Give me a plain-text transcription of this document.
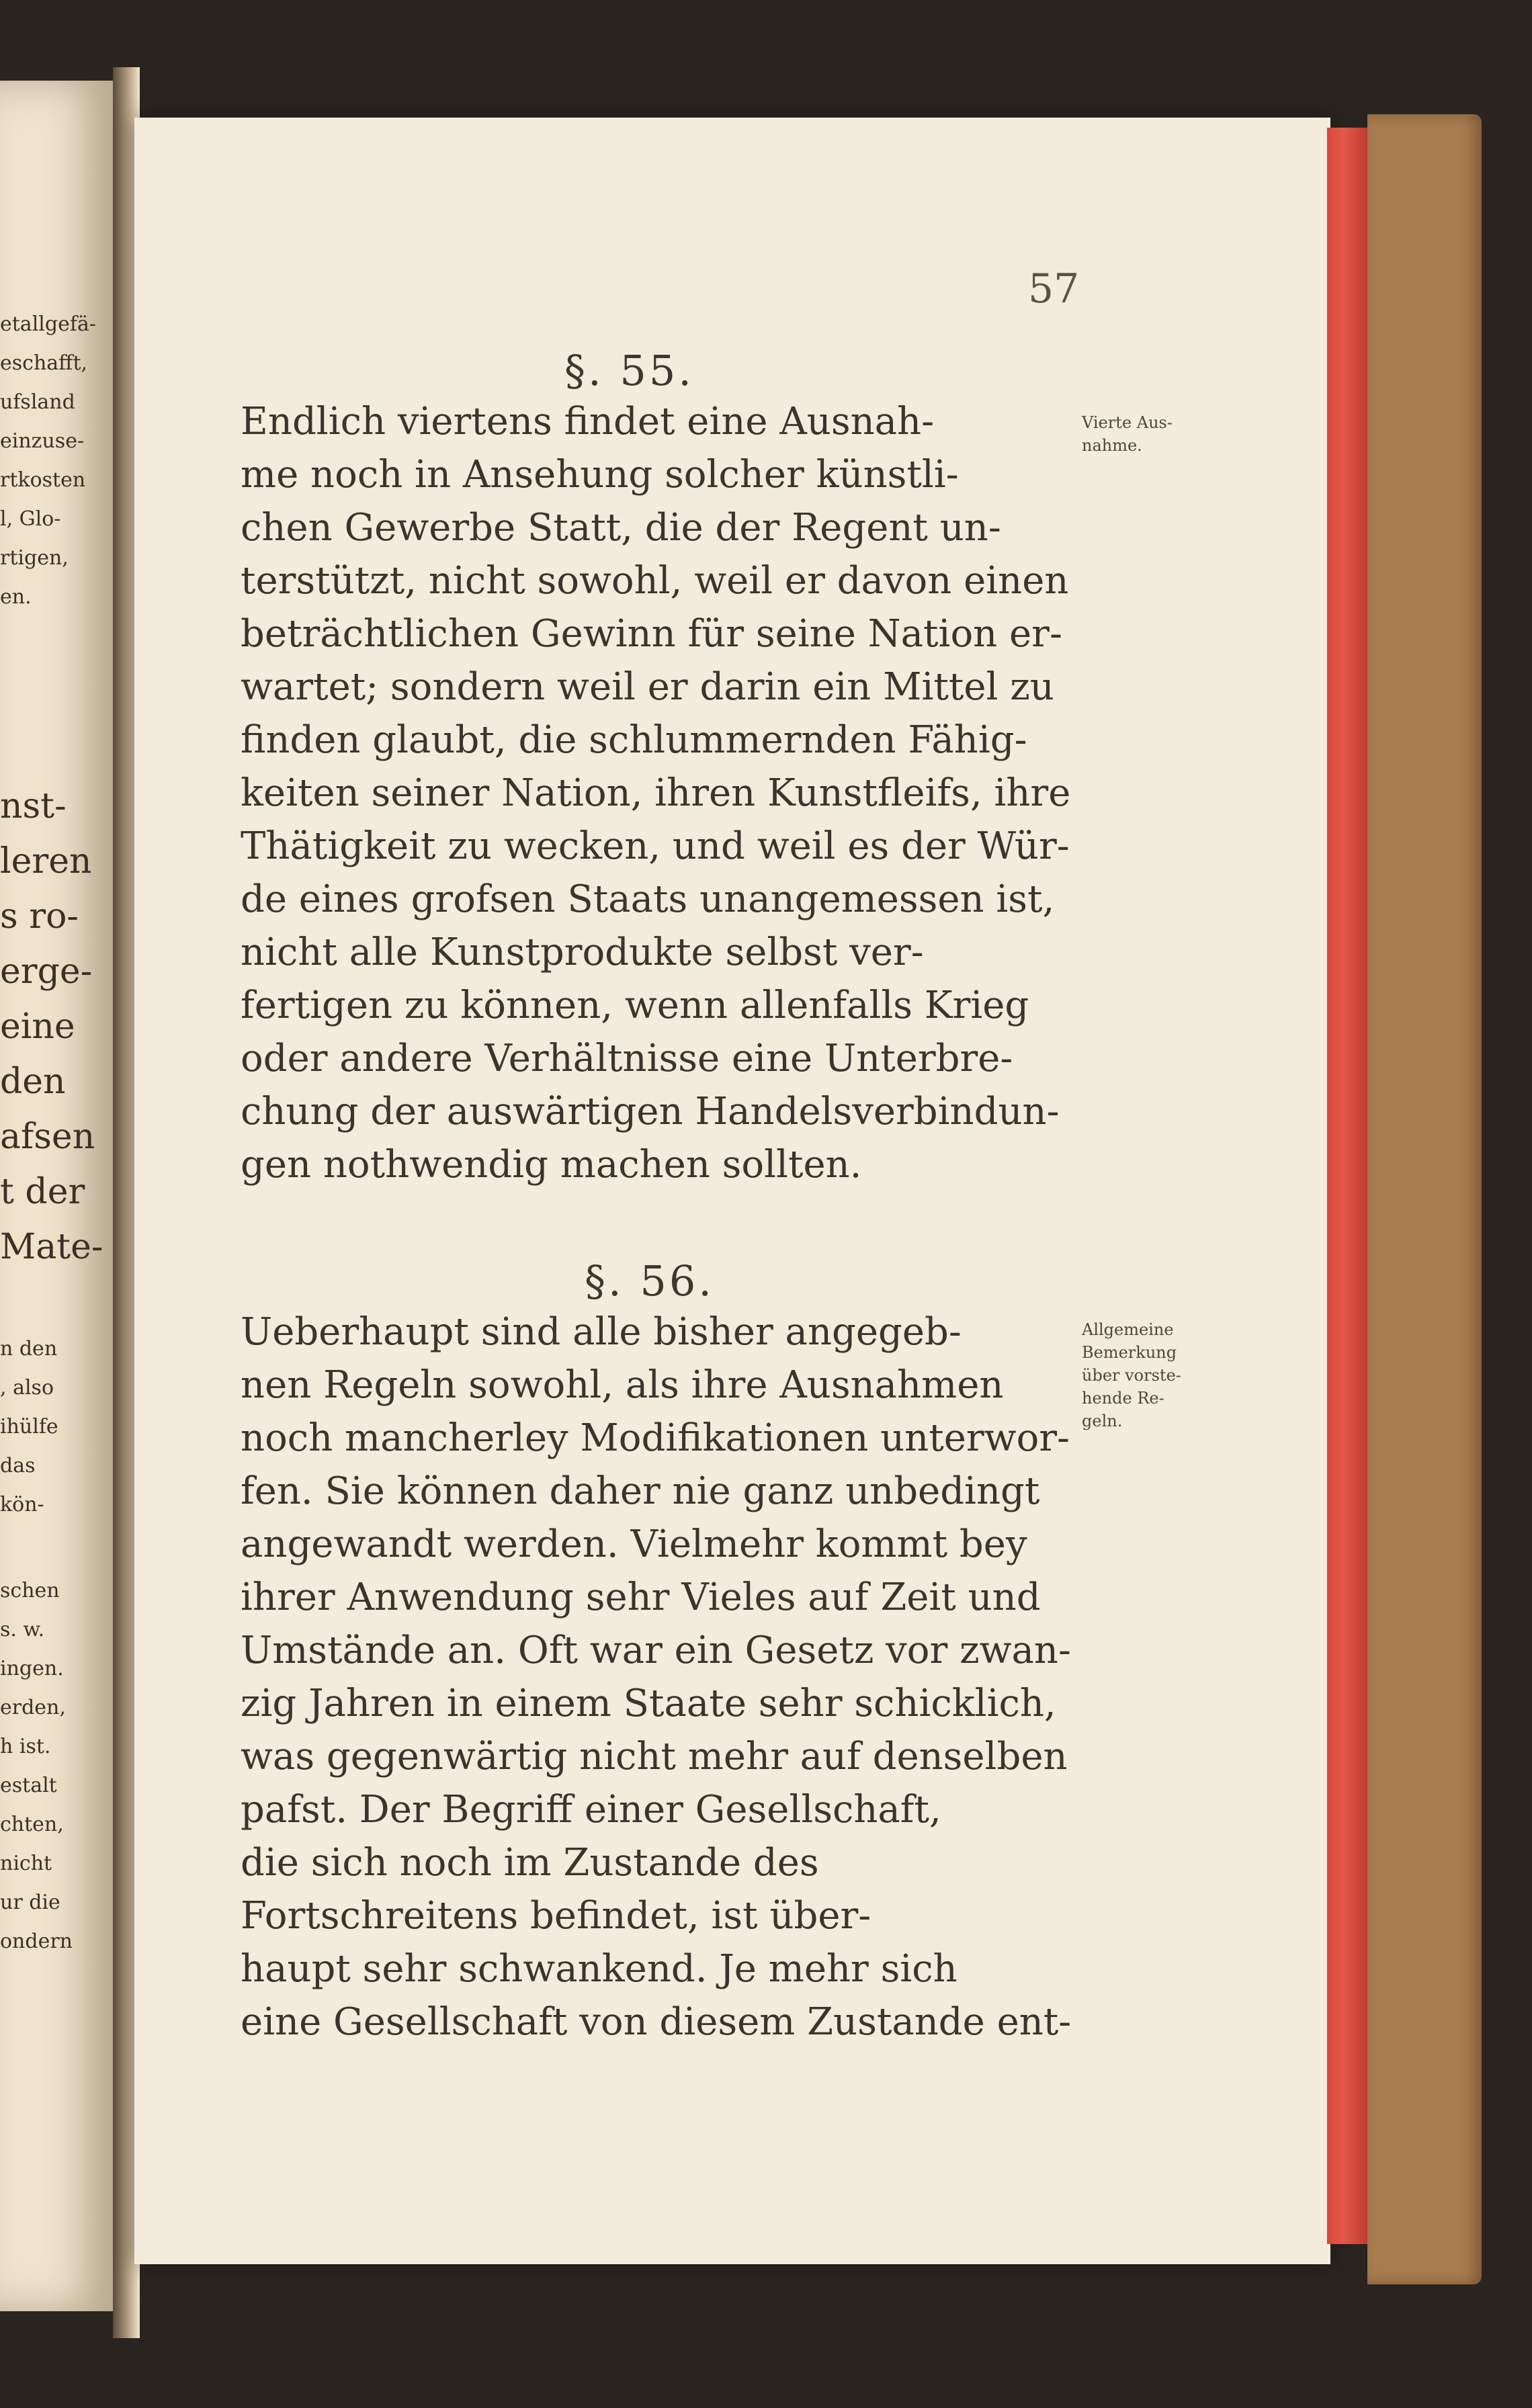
etallgefä-
eschafft,
ufsland
einzuse-
rtkosten
l, Glo-
rtigen,
en.
nst-
leren
s ro-
erge-
eine
den
afsen
t der
Mate-
n den
, also
ihülfe
das
kön-
schen
s. w.
ingen.
erden,
h ist.
estalt
chten,
nicht
ur die
ondern
57
§. 55.
Endlich viertens findet eine Ausnah-
me noch in Ansehung solcher künstli-
chen Gewerbe Statt, die der Regent un-
terstützt, nicht sowohl, weil er davon einen
beträchtlichen Gewinn für seine Nation er-
wartet; sondern weil er darin ein Mittel zu
finden glaubt, die schlummernden Fähig-
keiten seiner Nation, ihren Kunstfleifs, ihre
Thätigkeit zu wecken, und weil es der Wür-
de eines grofsen Staats unangemessen ist,
nicht alle Kunstprodukte selbst ver-
fertigen zu können, wenn allenfalls Krieg
oder andere Verhältnisse eine Unterbre-
chung der auswärtigen Handelsverbindun-
gen nothwendig machen sollten.
Vierte Aus-
nahme.
§. 56.
Ueberhaupt sind alle bisher angegeb-
nen Regeln sowohl, als ihre Ausnahmen
noch mancherley Modifikationen unterwor-
fen. Sie können daher nie ganz unbedingt
angewandt werden. Vielmehr kommt bey
ihrer Anwendung sehr Vieles auf Zeit und
Umstände an. Oft war ein Gesetz vor zwan-
zig Jahren in einem Staate sehr schicklich,
was gegenwärtig nicht mehr auf denselben
pafst. Der Begriff einer Gesellschaft,
die sich noch im Zustande des
Fortschreitens befindet, ist über-
haupt sehr schwankend. Je mehr sich
eine Gesellschaft von diesem Zustande ent-
Allgemeine
Bemerkung
über vorste-
hende Re-
geln.
